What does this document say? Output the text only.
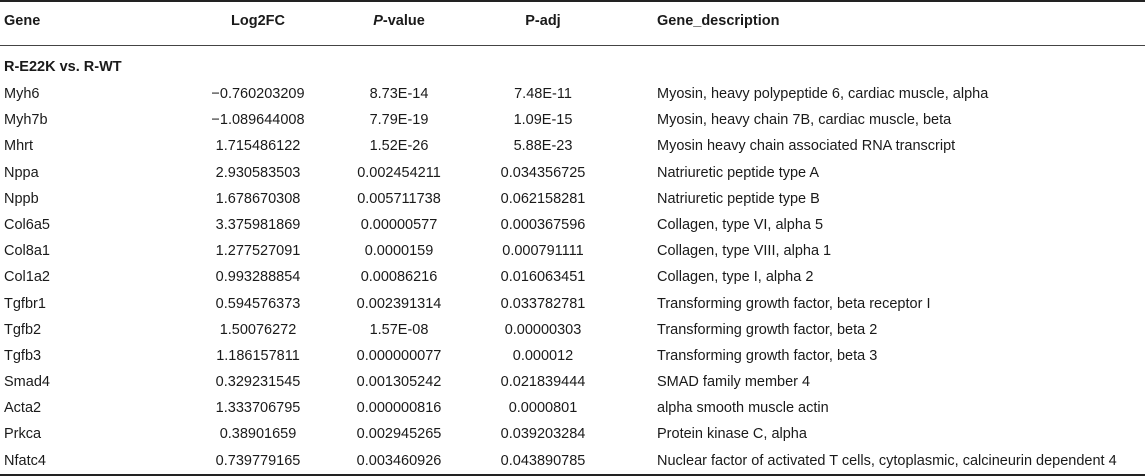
Gene	Log2FC	P-value	P-adj	Gene_description
R-E22K vs. R-WT
Myh6	−0.760203209	8.73E-14	7.48E-11	Myosin, heavy polypeptide 6, cardiac muscle, alpha
Myh7b	−1.089644008	7.79E-19	1.09E-15	Myosin, heavy chain 7B, cardiac muscle, beta
Mhrt	1.715486122	1.52E-26	5.88E-23	Myosin heavy chain associated RNA transcript
Nppa	2.930583503	0.002454211	0.034356725	Natriuretic peptide type A
Nppb	1.678670308	0.005711738	0.062158281	Natriuretic peptide type B
Col6a5	3.375981869	0.00000577	0.000367596	Collagen, type VI, alpha 5
Col8a1	1.277527091	0.0000159	0.000791111	Collagen, type VIII, alpha 1
Col1a2	0.993288854	0.00086216	0.016063451	Collagen, type I, alpha 2
Tgfbr1	0.594576373	0.002391314	0.033782781	Transforming growth factor, beta receptor I
Tgfb2	1.50076272	1.57E-08	0.00000303	Transforming growth factor, beta 2
Tgfb3	1.186157811	0.000000077	0.000012	Transforming growth factor, beta 3
Smad4	0.329231545	0.001305242	0.021839444	SMAD family member 4
Acta2	1.333706795	0.000000816	0.0000801	alpha smooth muscle actin
Prkca	0.38901659	0.002945265	0.039203284	Protein kinase C, alpha
Nfatc4	0.739779165	0.003460926	0.043890785	Nuclear factor of activated T cells, cytoplasmic, calcineurin dependent 4
